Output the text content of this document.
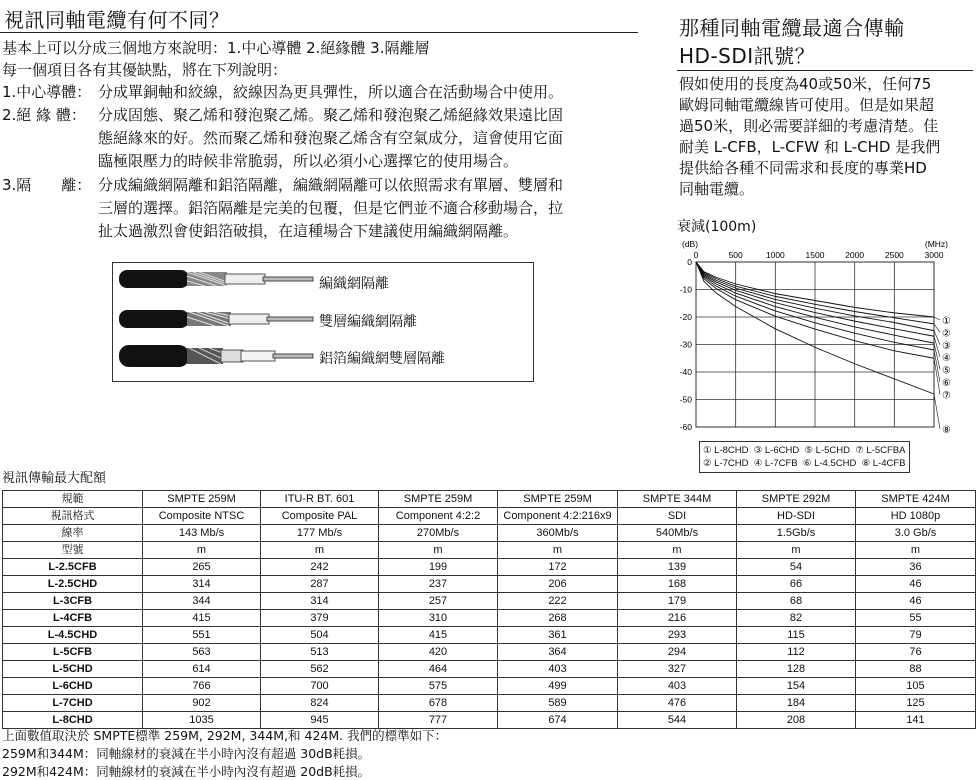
視訊同軸電纜有何不同？
基本上可以分成三個地方來說明：1.中心導體 2.絕緣體 3.隔離層
每一個項目各有其優缺點，將在下列說明：
1.中心導體： 分成單銅軸和絞線，絞線因為更具彈性，所以適合在活動場合中使用。
2.絕 緣 體： 分成固態、聚乙烯和發泡聚乙烯。聚乙烯和發泡聚乙烯絕緣效果遠比固
態絕緣來的好。然而聚乙烯和發泡聚乙烯含有空氣成分，這會使用它面
臨極限壓力的時候非常脆弱，所以必須小心選擇它的使用場合。
3.隔　　離： 分成編織網隔離和鋁箔隔離，編織網隔離可以依照需求有單層、雙層和
三層的選擇。鋁箔隔離是完美的包覆，但是它們並不適合移動場合，拉
扯太過激烈會使鋁箔破損，在這種場合下建議使用編織網隔離。
編織網隔離
雙層編織網隔離
鋁箔編織網雙層隔離
那種同軸電纜最適合傳輸
HD-SDI訊號？
假如使用的長度為40或50米，任何75
歐姆同軸電纜線皆可使用。但是如果超
過50米，則必需要詳細的考慮清楚。佳
耐美 L-CFB，L-CFW 和 L-CHD 是我們
提供給各種不同需求和長度的專業HD
同軸電纜。
衰減(100m)
0	500	1000 1500 2000 2500 3000
0
-10
-20
-30
-40
-50
-60
(dB)	(MHz)
①
②
③
④
⑤
⑥
⑦
⑧
① L-8CHD ③ L-6CHD ⑤ L-5CHD ⑦ L-5CFBA
② L-7CHD ④ L-7CFB ⑥ L-4.5CHD ⑧ L-4CFB
視訊傳輸最大配額
規範	SMPTE 259M	ITU-R BT. 601	SMPTE 259M	SMPTE 259M	SMPTE 344M	SMPTE 292M	SMPTE 424M
視訊格式	Composite NTSC	Composite PAL	Component 4:2:2	Component 4:2:216x9	SDI	HD-SDI	HD 1080p
線率	143 Mb/s	177 Mb/s	270Mb/s	360Mb/s	540Mb/s	1.5Gb/s	3.0 Gb/s
型號	m	m	m	m	m	m	m
L-2.5CFB	265	242	199	172	139	54	36
L-2.5CHD	314	287	237	206	168	66	46
L-3CFB	344	314	257	222	179	68	46
L-4CFB	415	379	310	268	216	82	55
L-4.5CHD	551	504	415	361	293	115	79
L-5CFB	563	513	420	364	294	112	76
L-5CHD	614	562	464	403	327	128	88
L-6CHD	766	700	575	499	403	154	105
L-7CHD	902	824	678	589	476	184	125
L-8CHD	1035	945	777	674	544	208	141
上面數值取決於 SMPTE標準 259M, 292M, 344M,和 424M. 我們的標準如下：
259M和344M：同軸線材的衰減在半小時內沒有超過 30dB耗損。
292M和424M：同軸線材的衰減在半小時內沒有超過 20dB耗損。
